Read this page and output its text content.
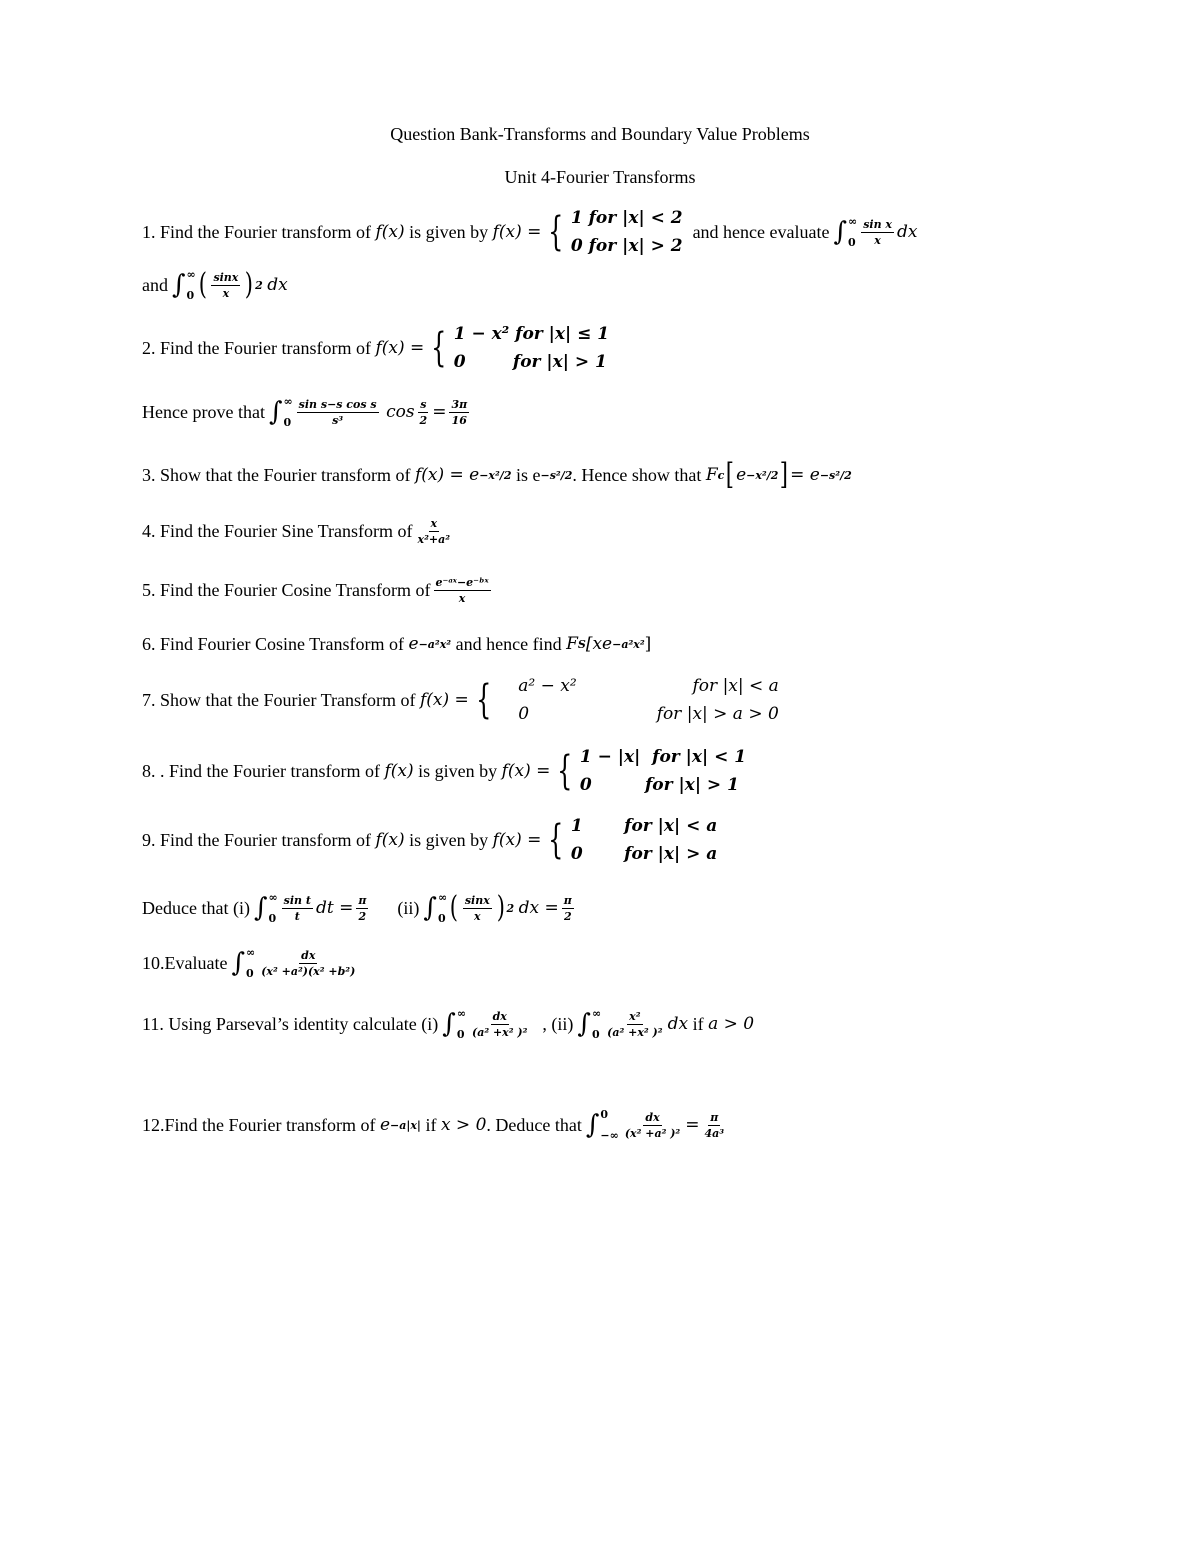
Question Bank-Transforms and Boundary Value Problems
Unit 4-Fourier Transforms
1. Find the Fourier transform of
f(x)
is given by
f(x) = { 1 for |x| < 2
0 for |x| > 2
and hence evaluate ∫ ∞
$0 \frac{\text{sin x}}{x}$ dx
and ∫ ∞
0 ( $\frac{\sin x}{x}$ ) 2
dx
2. Find the Fourier transform of
f(x) = { 1 − x² for |x| ≤ 1
0        for |x| > 1
Hence prove that ∫ ∞
$0 \frac{\text{sin s−s cos s}}{\text{s³}}$
$\cos \frac{s}{2} = \frac{3\pi}{16}$
3. Show that the Fourier transform of
f(x) = e −x²/2
is e −s²/2 . Hence show that
F c [ e −x²/2 ] = e −s²/2
4. Find the Fourier Sine Transform of $\frac{x}{\text{x²+a²}}$
5. Find the Fourier Cosine Transform of $\frac{\text{e⁻ᵃˣ−e⁻ᵇˣ}}{x}$
6. Find Fourier Cosine Transform of
e −a²x²
and hence find
F S [xe −a²x² ]
7. Show that the Fourier Transform of
f(x) = { a² − x²
0
for |x| < a
for |x| > a > 0
8. . Find the Fourier transform of
f(x)
is given by
f(x) = { 1 − |x|  for |x| < 1
0         for |x| > 1
9. Find the Fourier transform of
f(x)
is given by
f(x) = { 1       for |x| < a
0       for |x| > a
Deduce that (i) ∫ ∞
$0 \frac{\text{sin t}}{t}$ dt = $\frac{\pi}{2} (ii)$ ∫ ∞
0 ( $\frac{\sin x}{x}$ ) 2
dx = $\frac{\pi}{2}$
10.Evaluate ∫ ∞
$0 \frac{dx}{\text{(x² +a²)(x² +b²)}}$
11. Using Parseval’s identity calculate (i) ∫ ∞
$0 \frac{dx}{\text{(a² +x² )²}}$ , (ii) ∫ ∞
$0 \frac{\text{x²}}{\text{(a² +x² )²}}$ dx
if
a > 0
12.Find the Fourier transform of
e −a|x|
if
x > 0 . Deduce that ∫ 0
−∞ $\frac{dx}{\text{(x² +a² )²}} = \frac{\pi}{\text{4a³}}$
